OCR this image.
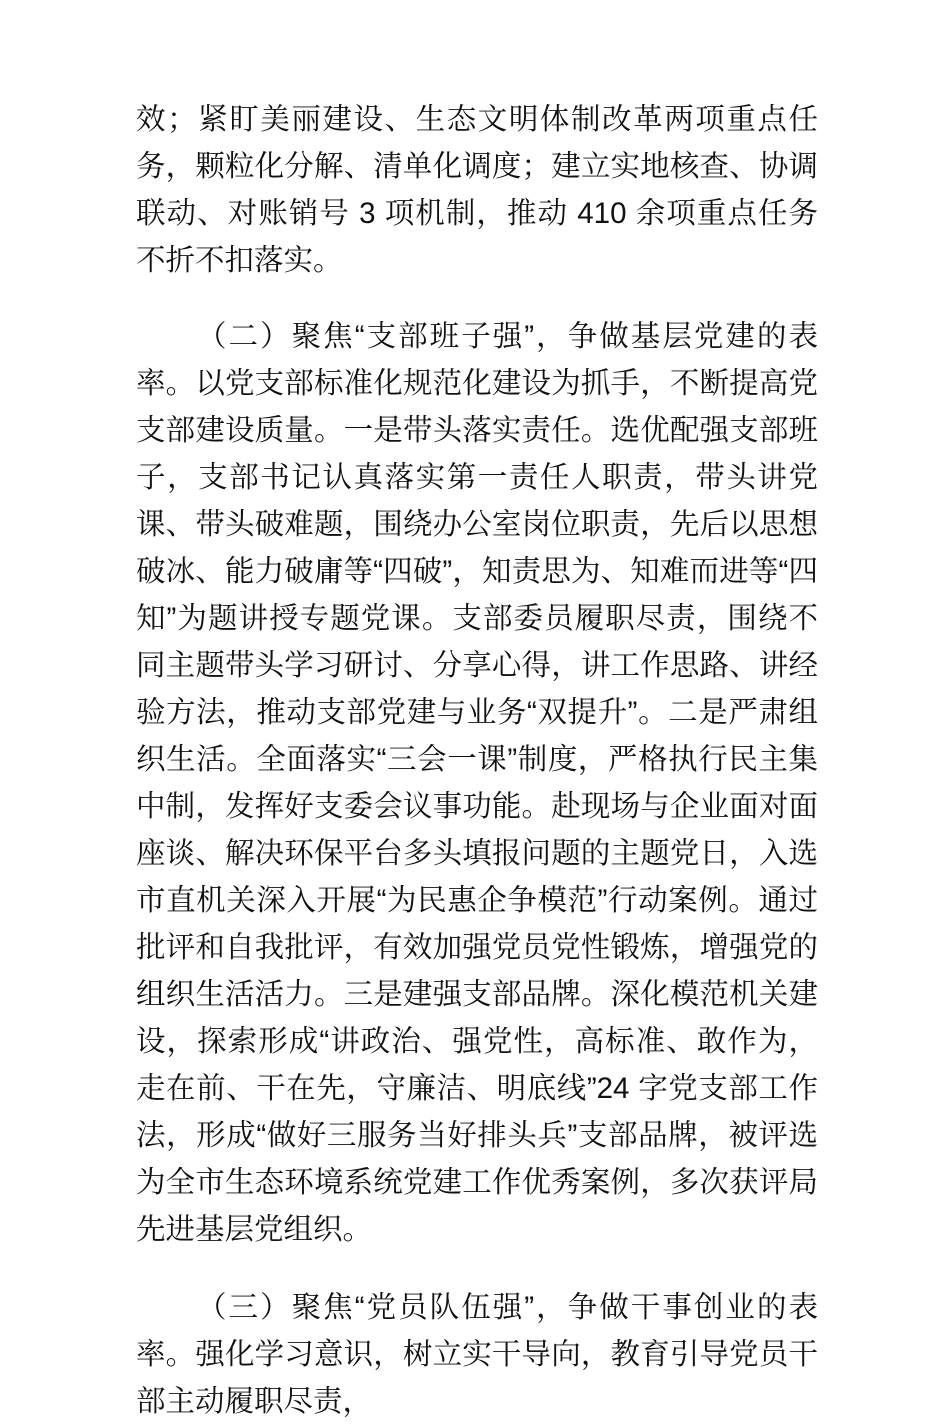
效；紧盯美丽建设、生态文明体制改革两项重点任务，颗粒化分解、清单化调度；建立实地核查、协调联动、对账销号 3 项机制，推动 410 余项重点任务不折不扣落实。

（二）聚焦“支部班子强”，争做基层党建的表率。以党支部标准化规范化建设为抓手，不断提高党支部建设质量。一是带头落实责任。选优配强支部班子，支部书记认真落实第一责任人职责，带头讲党课、带头破难题，围绕办公室岗位职责，先后以思想破冰、能力破庸等“四破”，知责思为、知难而进等“四知”为题讲授专题党课。支部委员履职尽责，围绕不同主题带头学习研讨、分享心得，讲工作思路、讲经验方法，推动支部党建与业务“双提升”。二是严肃组织生活。全面落实“三会一课”制度，严格执行民主集中制，发挥好支委会议事功能。赴现场与企业面对面座谈、解决环保平台多头填报问题的主题党日，入选市直机关深入开展“为民惠企争模范”行动案例。通过批评和自我批评，有效加强党员党性锻炼，增强党的组织生活活力。三是建强支部品牌。深化模范机关建设，探索形成“讲政治、强党性，高标准、敢作为，走在前、干在先，守廉洁、明底线”24 字党支部工作法，形成“做好三服务当好排头兵”支部品牌，被评选为全市生态环境系统党建工作优秀案例，多次获评局先进基层党组织。

（三）聚焦“党员队伍强”，争做干事创业的表率。强化学习意识，树立实干导向，教育引导党员干部主动履职尽责，
